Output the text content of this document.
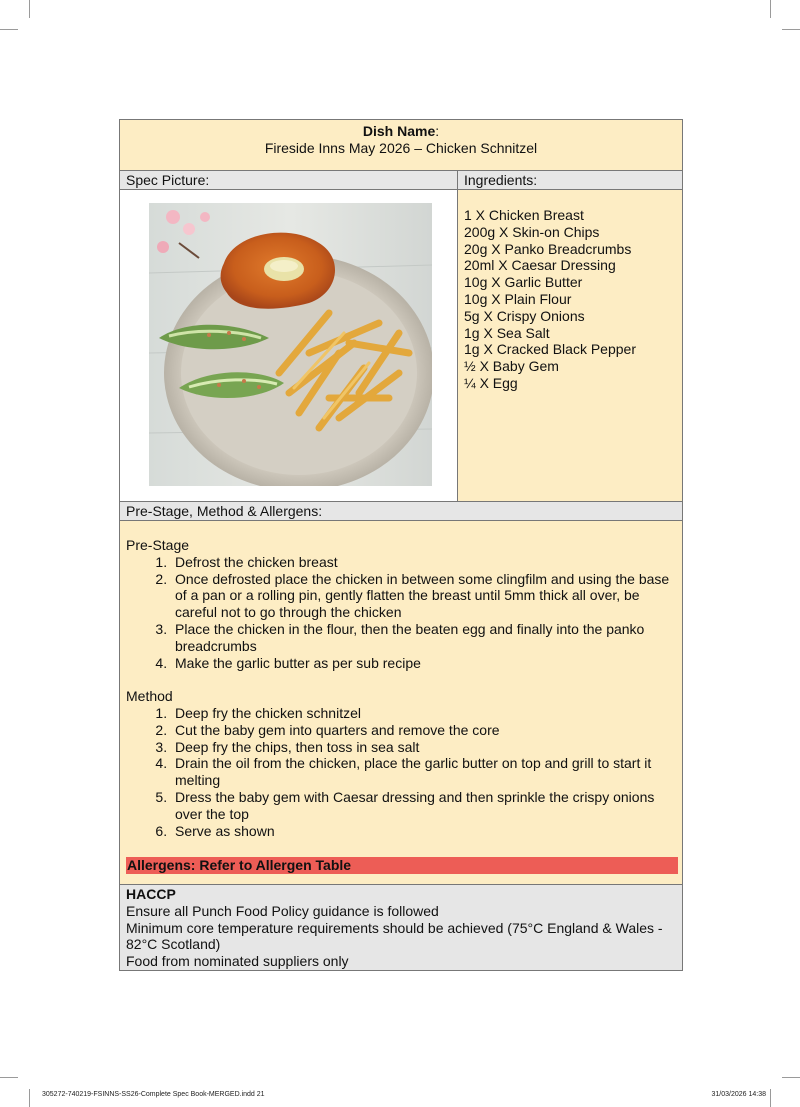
Dish Name:
Fireside Inns May 2026 – Chicken Schnitzel
Spec Picture:	Ingredients:
1 X Chicken Breast
200g X Skin-on Chips
20g X Panko Breadcrumbs
20ml X Caesar Dressing
10g X Garlic Butter
10g X Plain Flour
5g X Crispy Onions
1g X Sea Salt
1g X Cracked Black Pepper
½ X Baby Gem
¼ X Egg
Pre-Stage, Method & Allergens:
Pre-Stage
1. Defrost the chicken breast
2. Once defrosted place the chicken in between some clingfilm and using the base of a pan or a rolling pin, gently flatten the breast until 5mm thick all over, be careful not to go through the chicken
3. Place the chicken in the flour, then the beaten egg and finally into the panko breadcrumbs
4. Make the garlic butter as per sub recipe
Method
1. Deep fry the chicken schnitzel
2. Cut the baby gem into quarters and remove the core
3. Deep fry the chips, then toss in sea salt
4. Drain the oil from the chicken, place the garlic butter on top and grill to start it melting
5. Dress the baby gem with Caesar dressing and then sprinkle the crispy onions over the top
6. Serve as shown
Allergens: Refer to Allergen Table
HACCP
Ensure all Punch Food Policy guidance is followed
Minimum core temperature requirements should be achieved (75°C England & Wales - 82°C Scotland)
Food from nominated suppliers only
305272-740219-FSINNS-SS26-Complete Spec Book-MERGED.indd 21	31/03/2026 14:38
